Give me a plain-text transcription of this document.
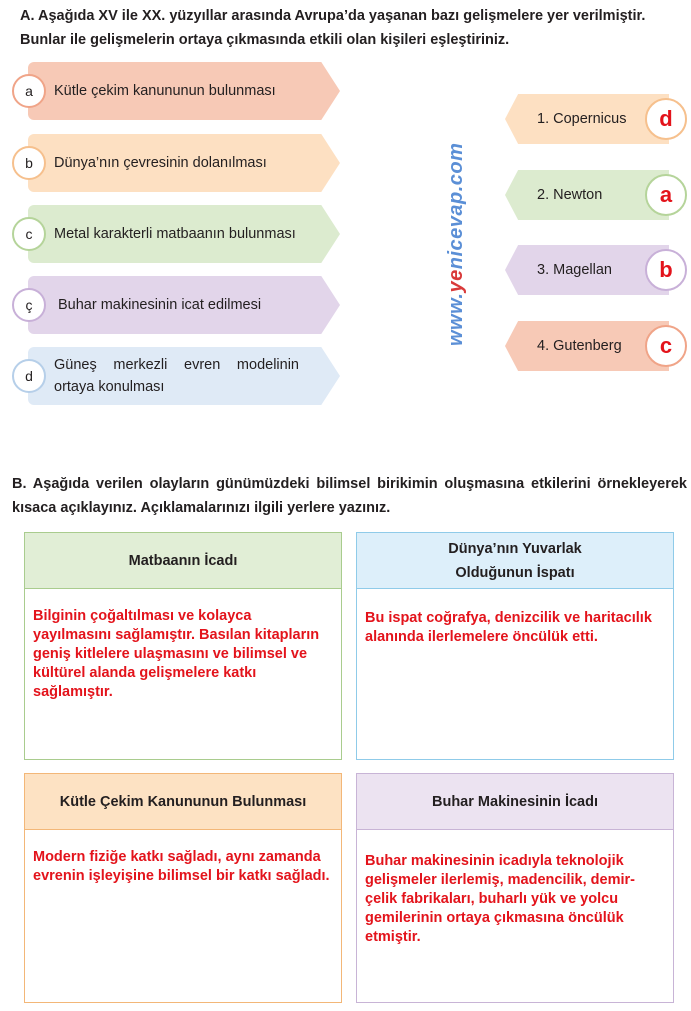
A. Aşağıda XV ile XX. yüzyıllar arasında Avrupa’da yaşanan bazı gelişmelere yer verilmiştir. Bunlar ile gelişmelerin ortaya çıkmasında etkili olan kişileri eşleştiriniz.
a	Kütle çekim kanununun bulunması
b	Dünya’nın çevresinin dolanılması
c	Metal karakterli matbaanın bulunması
ç	Buhar makinesinin icat edilmesi
d
Güneş merkezli evren modelinin ortaya konulması
www.yenicevap.com
1. Copernicus	d
2. Newton	a
3. Magellan	b
4. Gutenberg	c
B. Aşağıda verilen olayların günümüzdeki bilimsel birikimin oluşmasına etkilerini örnekleyerek kısaca açıklayınız. Açıklamalarınızı ilgili yerlere yazınız.
Matbaanın İcadı
Bilginin çoğaltılması ve kolayca yayılmasını sağlamıştır. Basılan kitapların geniş kitlelere ulaşmasını ve bilimsel ve kültürel alanda gelişmelere katkı sağlamıştır.
Dünya’nın Yuvarlak Olduğunun İspatı
Bu ispat coğrafya, denizcilik ve haritacılık alanında ilerlemelere öncülük etti.
Kütle Çekim Kanununun Bulunması
Modern fiziğe katkı sağladı, aynı zamanda evrenin işleyişine bilimsel bir katkı sağladı.
Buhar Makinesinin İcadı
Buhar makinesinin icadıyla teknolojik gelişmeler ilerlemiş, madencilik, demir-çelik fabrikaları, buharlı yük ve yolcu gemilerinin ortaya çıkmasına öncülük etmiştir.
